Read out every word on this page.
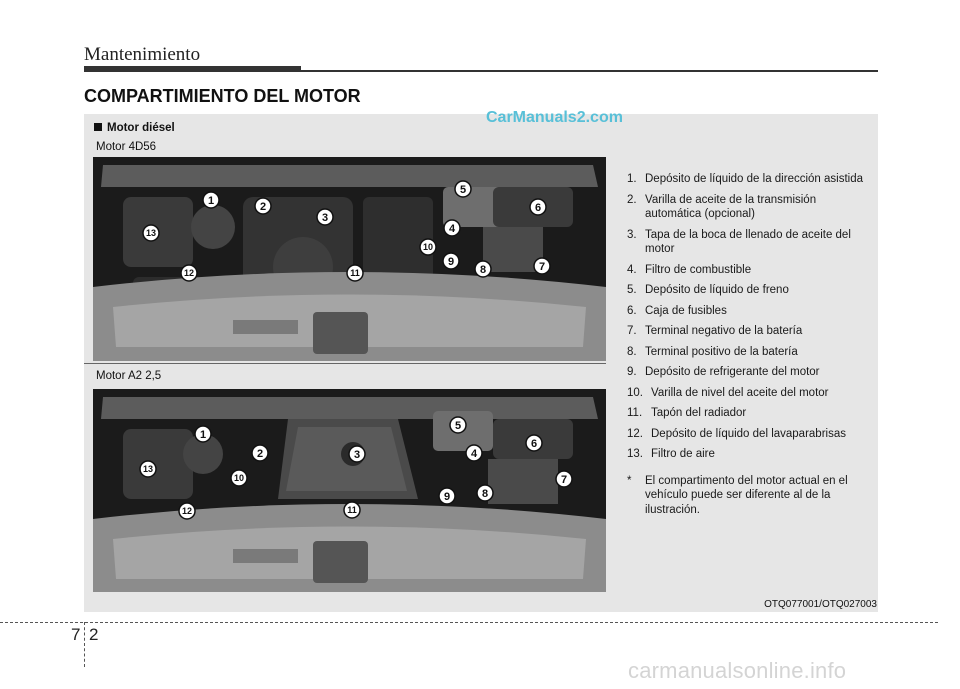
Mantenimiento
COMPARTIMIENTO DEL MOTOR
CarManuals2.com
Motor diésel
Motor 4D56
1	2
3
4
5
6
7
8
9
10
11
12
13
Motor A2 2,5
1
2	3	4
5
6
7
8
9
10
11
12
13
1. Depósito de líquido de la dirección asistida
2. Varilla de aceite de la transmisión automática (opcional)
3. Tapa de la boca de llenado de aceite del motor
4. Filtro de combustible
5. Depósito de líquido de freno
6. Caja de fusibles
7. Terminal negativo de la batería
8. Terminal positivo de la batería
9. Depósito de refrigerante del motor
10. Varilla de nivel del aceite del motor
11. Tapón del radiador
12. Depósito de líquido del lavaparabrisas
13. Filtro de aire
*	El compartimento del motor actual en el vehículo puede ser diferente al de la ilustración.
OTQ077001/OTQ027003
7 2
carmanualsonline.info
